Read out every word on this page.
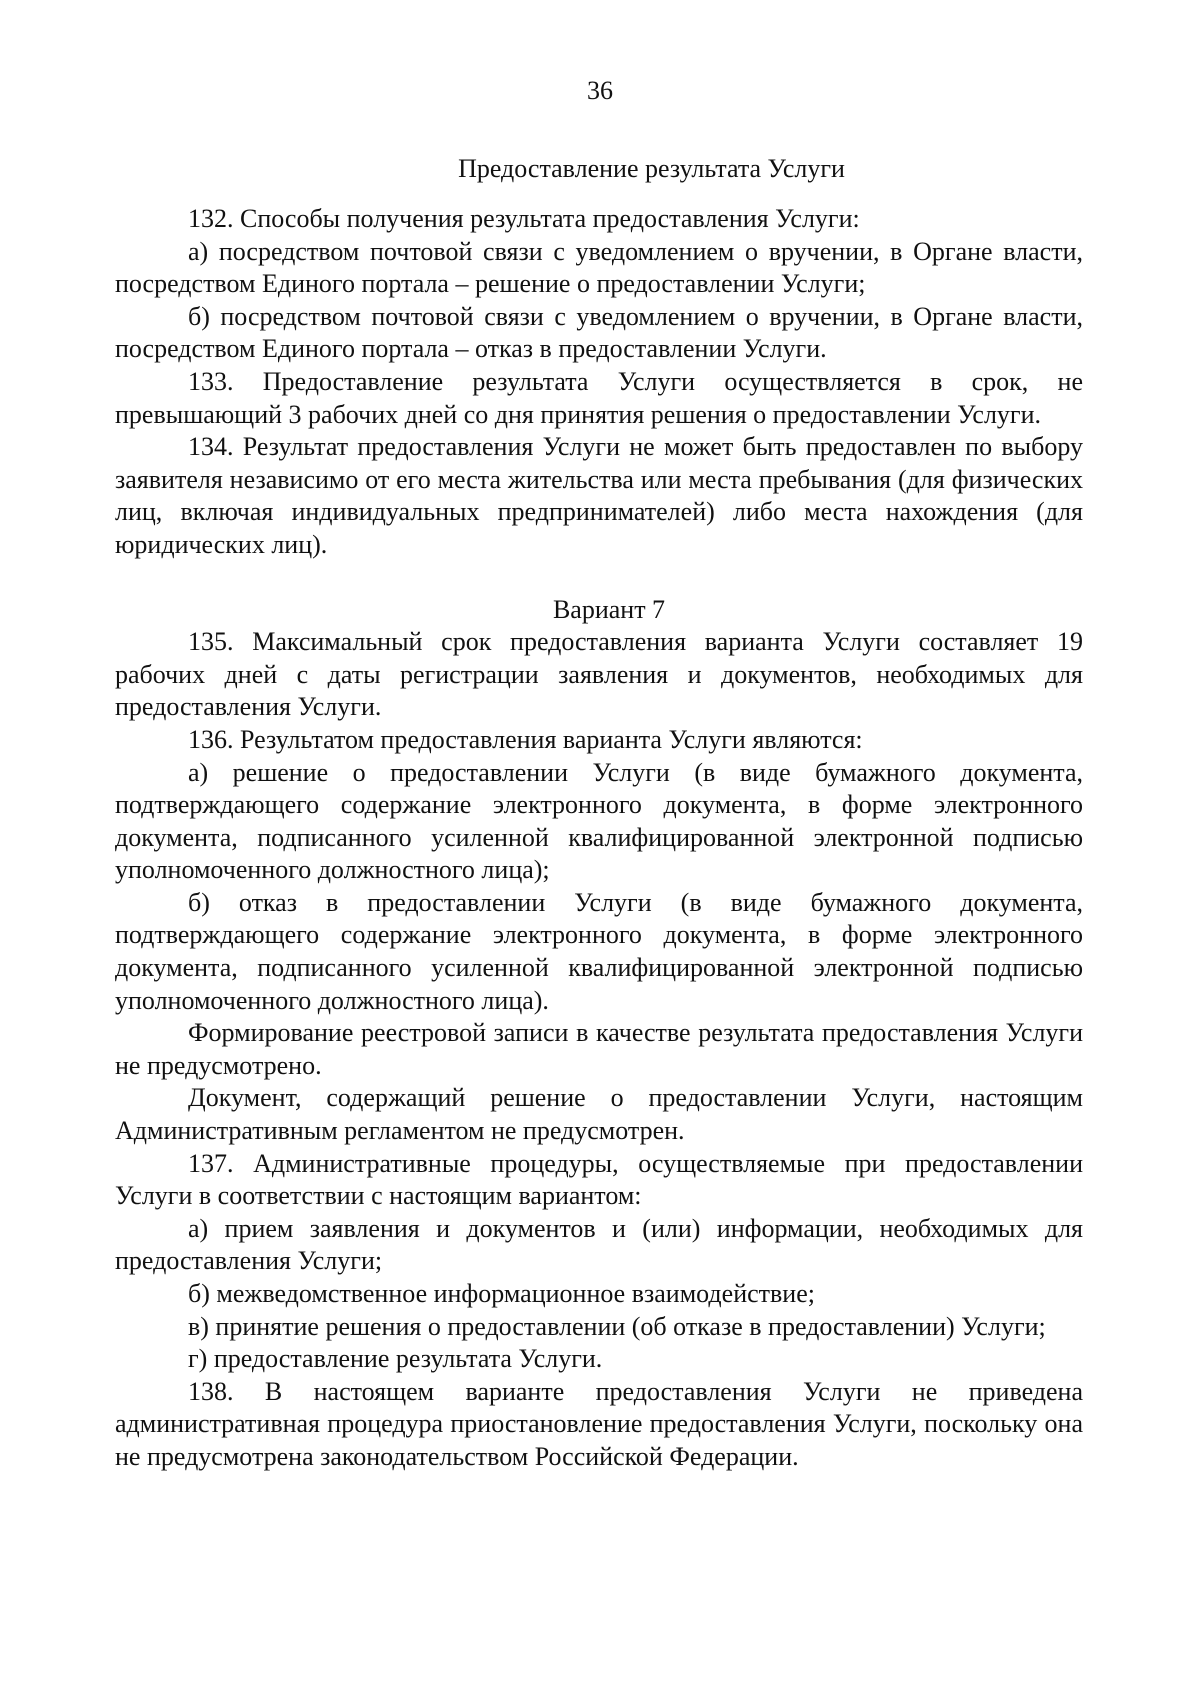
36

Предоставление результата Услуги

132. Способы получения результата предоставления Услуги:

а) посредством почтовой связи с уведомлением о вручении, в Органе власти, посредством Единого портала – решение о предоставлении Услуги;

б) посредством почтовой связи с уведомлением о вручении, в Органе власти, посредством Единого портала – отказ в предоставлении Услуги.

133. Предоставление результата Услуги осуществляется в срок, не превышающий 3 рабочих дней со дня принятия решения о предоставлении Услуги.

134. Результат предоставления Услуги не может быть предоставлен по выбору заявителя независимо от его места жительства или места пребывания (для физических лиц, включая индивидуальных предпринимателей) либо места нахождения (для юридических лиц).

Вариант 7

135. Максимальный срок предоставления варианта Услуги составляет 19 рабочих дней с даты регистрации заявления и документов, необходимых для предоставления Услуги.

136. Результатом предоставления варианта Услуги являются:

а) решение о предоставлении Услуги (в виде бумажного документа, подтверждающего содержание электронного документа, в форме электронного документа, подписанного усиленной квалифицированной электронной подписью уполномоченного должностного лица);

б) отказ в предоставлении Услуги (в виде бумажного документа, подтверждающего содержание электронного документа, в форме электронного документа, подписанного усиленной квалифицированной электронной подписью уполномоченного должностного лица).

Формирование реестровой записи в качестве результата предоставления Услуги не предусмотрено.

Документ, содержащий решение о предоставлении Услуги, настоящим Административным регламентом не предусмотрен.

137. Административные процедуры, осуществляемые при предоставлении Услуги в соответствии с настоящим вариантом:

а) прием заявления и документов и (или) информации, необходимых для предоставления Услуги;

б) межведомственное информационное взаимодействие;

в) принятие решения о предоставлении (об отказе в предоставлении) Услуги;

г) предоставление результата Услуги.

138. В настоящем варианте предоставления Услуги не приведена административная процедура приостановление предоставления Услуги, поскольку она не предусмотрена законодательством Российской Федерации.
